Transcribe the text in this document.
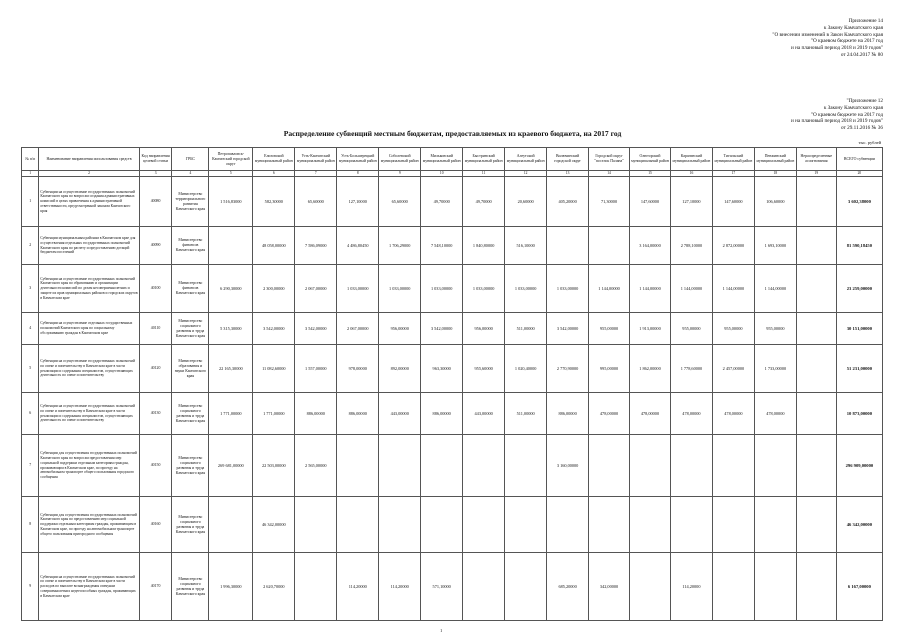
Приложение 14
к Закону Камчатского края
"О внесении изменений в Закон Камчатского края
"О краевом бюджете на 2017 год
и на плановый период 2018 и 2019 годов"
от 24.04.2017 № 80
"Приложение 12
к Закону Камчатского края
"О краевом бюджете на 2017 год
и на плановый период 2018 и 2019 годов"
от 29.11.2016 № 36
Распределение субвенций местным бюджетам, предоставляемых из краевого бюджета, на 2017 год
тыс. рублей
№ п/п	Наименование направления использования средств	Код направления целевой статьи	ГРБС	Петропавловск-Камчатский городской округ	Елизовский муниципальный район	Усть-Камчатский муниципальный район	Усть-Большерецкий муниципальный район	Соболевский муниципальный район	Мильковский муниципальный район	Быстринский муниципальный район	Алеутский муниципальный район	Вилючинский городской округ	Городской округ "поселок Палана"	Олюторский муниципальный район	Карагинский муниципальный район	Тигильский муниципальный район	Пенжинский муниципальный район	Нераспределенные ассигнования	ВСЕГО субвенции
1	2	3	4	5	6	7	8	9	10	11	12	13	14	15	16	17	18	19	20
1	Субвенции на осуществление государственных полномочий Камчатского края по вопросам создания административных комиссий в целях привлечения к административной ответственности, предусмотренной законом Камчатского края	40080	Министерство территориального развития Камчатского края	1 516,83000	582,30000	65,60000	127,10000	65,60000	49,70000	49,70000	20,60000	405,20000	71,30000	147,60000	127,10000	147,60000	106,60000		3 602,38000
2	Субвенции муниципальным районам в Камчатском крае для осуществления отдельных государственных полномочий Камчатского края по расчету и предоставлению дотаций бюджетам поселений	40090	Министерство финансов Камчатского края		48 058,00000	7 586,09000	4 486,80450	1 706,29000	7 548,10000	1 840,80000	516,10000			3 164,00000	2 788,10000	2 872,00000	1 693,10000		81 590,18450
3	Субвенции на осуществление государственных полномочий Камчатского края по образованию и организации деятельности комиссий по делам несовершеннолетних и защите их прав муниципальных районов и городских округов в Камчатском крае	40100	Министерство финансов Камчатского края	6 290,30000	2 300,00000	2 067,00000	1 033,00000	1 033,00000	1 033,00000	1 033,00000	1 033,00000	1 033,00000	1 144,00000	1 144,00000	1 144,00000	1 144,00000	1 144,00000		23 259,00000
4	Субвенции на осуществление отдельных государственных полномочий Камчатского края по социальному обслуживанию граждан в Камчатском крае	40110	Министерство социального развития и труда Камчатского края	5 315,30000	3 542,00000	3 542,00000	2 067,00000	956,00000	3 542,00000	956,00000	511,00000	3 542,00000	955,00000	1 913,00000	955,00000	955,00000	955,00000		30 151,00000
5	Субвенции на осуществление государственных полномочий по опеке и попечительству в Камчатском крае в части реализации и содержания специалистов, осуществляющих деятельность по опеке и попечительству	40120	Министерство образования и науки Камчатского края	22 165,30000	11 082,60000	1 557,00000	978,00000	892,00000	963,30000	955,60000	1 020,40000	2 770,90000	995,00000	1 862,00000	1 778,60000	2 457,00000	1 733,00000		51 231,00000
6	Субвенции на осуществление государственных полномочий по опеке и попечительству в Камчатском крае в части реализации и содержания специалистов, осуществляющих деятельность по опеке и попечительству	40130	Министерство социального развития и труда Камчатского края	1 771,00000	1 771,00000	886,00000	886,00000	443,00000	886,00000	443,00000	511,00000	886,00000	478,00000	478,00000	478,00000	478,00000	478,00000		10 873,00000
7	Субвенции для осуществления государственных полномочий Камчатского края по вопросам предоставления мер социальной поддержки отдельным категориям граждан, проживающим в Камчатском крае, по проезду на автомобильном транспорте общего пользования городского сообщения	40150	Министерство социального развития и труда Камчатского края	269 681,00000	22 503,00000	2 565,00000						3 160,00000							296 909,00000
8	Субвенции для осуществления государственных полномочий Камчатского края по предоставлению мер социальной поддержки отдельным категориям граждан, проживающим в Камчатском крае, по проезду на автомобильном транспорте общего пользования пригородного сообщения	40160	Министерство социального развития и труда Камчатского края		46 342,00000														46 342,00000
9	Субвенции на осуществление государственных полномочий по опеке и попечительству в Камчатском крае в части расходов по выплате вознаграждения опекунам совершеннолетних недееспособных граждан, проживающих в Камчатском крае	40170	Министерство социального развития и труда Камчатского края	1 996,30000	2 620,70000		114,20000	114,20000	571,10000			685,20000	342,00000		114,20000				6 167,00000
1
